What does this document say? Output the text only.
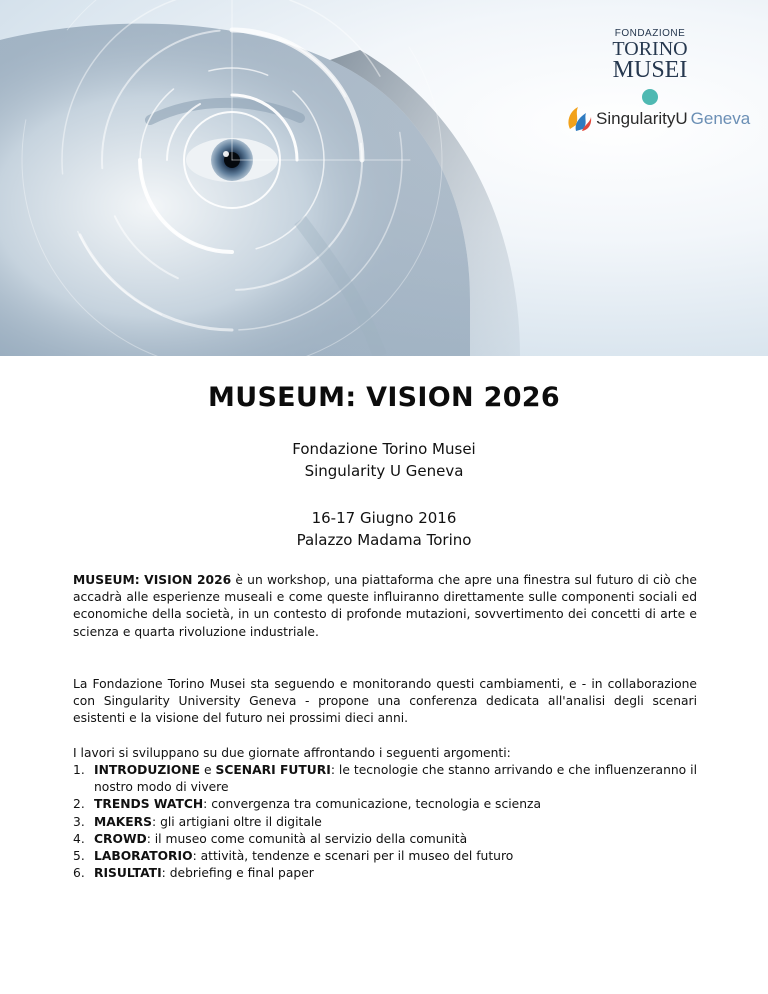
FONDAZIONE
TORINO
MUSEI
SingularityU Geneva
MUSEUM: VISION 2026
Fondazione Torino Musei
Singularity U Geneva
16-17 Giugno 2016
Palazzo Madama Torino
MUSEUM: VISION 2026 è un workshop, una piattaforma che apre una finestra sul futuro di ciò che accadrà alle esperienze museali e come queste influiranno direttamente sulle componenti sociali ed economiche della società, in un contesto di profonde mutazioni, sovvertimento dei concetti di arte e scienza e quarta rivoluzione industriale.
La Fondazione Torino Musei sta seguendo e monitorando questi cambiamenti, e - in collaborazione con Singularity University Geneva - propone una conferenza dedicata all'analisi degli scenari esistenti e la visione del futuro nei prossimi dieci anni.
I lavori si sviluppano su due giornate affrontando i seguenti argomenti:
1. INTRODUZIONE e SCENARI FUTURI: le tecnologie che stanno arrivando e che influenzeranno il nostro modo di vivere
2. TRENDS WATCH: convergenza tra comunicazione, tecnologia e scienza
3. MAKERS: gli artigiani oltre il digitale
4. CROWD: il museo come comunità al servizio della comunità
5. LABORATORIO: attività, tendenze e scenari per il museo del futuro
6. RISULTATI: debriefing e final paper
